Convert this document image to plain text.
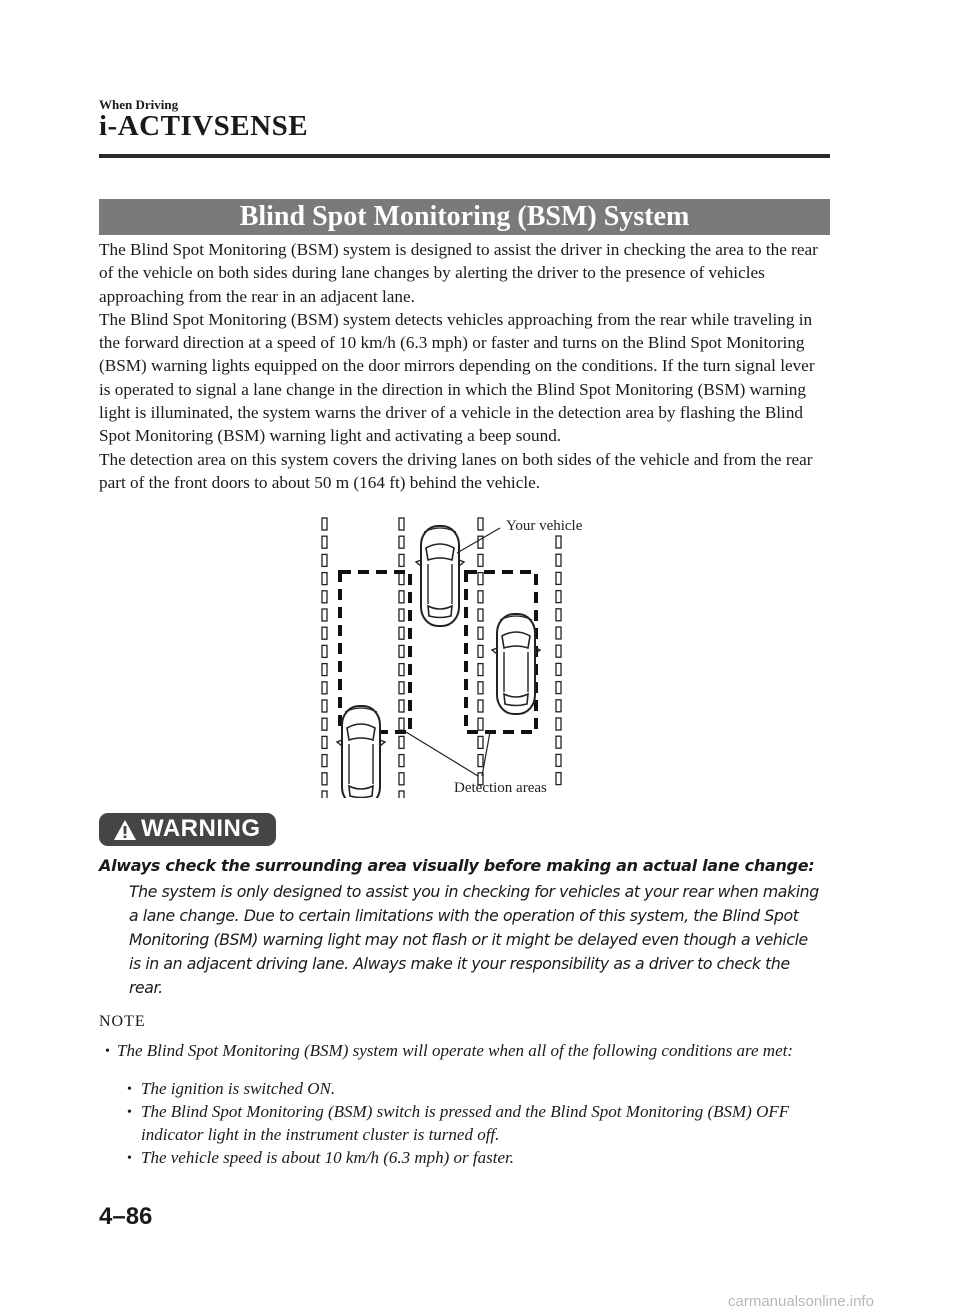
When Driving
i-ACTIVSENSE
Blind Spot Monitoring (BSM) System

The Blind Spot Monitoring (BSM) system is designed to assist the driver in checking the area to the rear of the vehicle on both sides during lane changes by alerting the driver to the presence of vehicles approaching from the rear in an adjacent lane.

The Blind Spot Monitoring (BSM) system detects vehicles approaching from the rear while traveling in the forward direction at a speed of 10 km/h (6.3 mph) or faster and turns on the Blind Spot Monitoring (BSM) warning lights equipped on the door mirrors depending on the conditions. If the turn signal lever is operated to signal a lane change in the direction in which the Blind Spot Monitoring (BSM) warning light is illuminated, the system warns the driver of a vehicle in the detection area by flashing the Blind Spot Monitoring (BSM) warning light and activating a beep sound.

The detection area on this system covers the driving lanes on both sides of the vehicle and from the rear part of the front doors to about 50 m (164 ft) behind the vehicle.

Your vehicle
Detection areas
WARNING
Always check the surrounding area visually before making an actual lane change:
The system is only designed to assist you in checking for vehicles at your rear when making a lane change. Due to certain limitations with the operation of this system, the Blind Spot Monitoring (BSM) warning light may not flash or it might be delayed even though a vehicle is in an adjacent driving lane. Always make it your responsibility as a driver to check the rear.
NOTE
• The Blind Spot Monitoring (BSM) system will operate when all of the following conditions are met:
• The ignition is switched ON.
• The Blind Spot Monitoring (BSM) switch is pressed and the Blind Spot Monitoring (BSM) OFF indicator light in the instrument cluster is turned off.
• The vehicle speed is about 10 km/h (6.3 mph) or faster.
4–86
carmanualsonline.info
